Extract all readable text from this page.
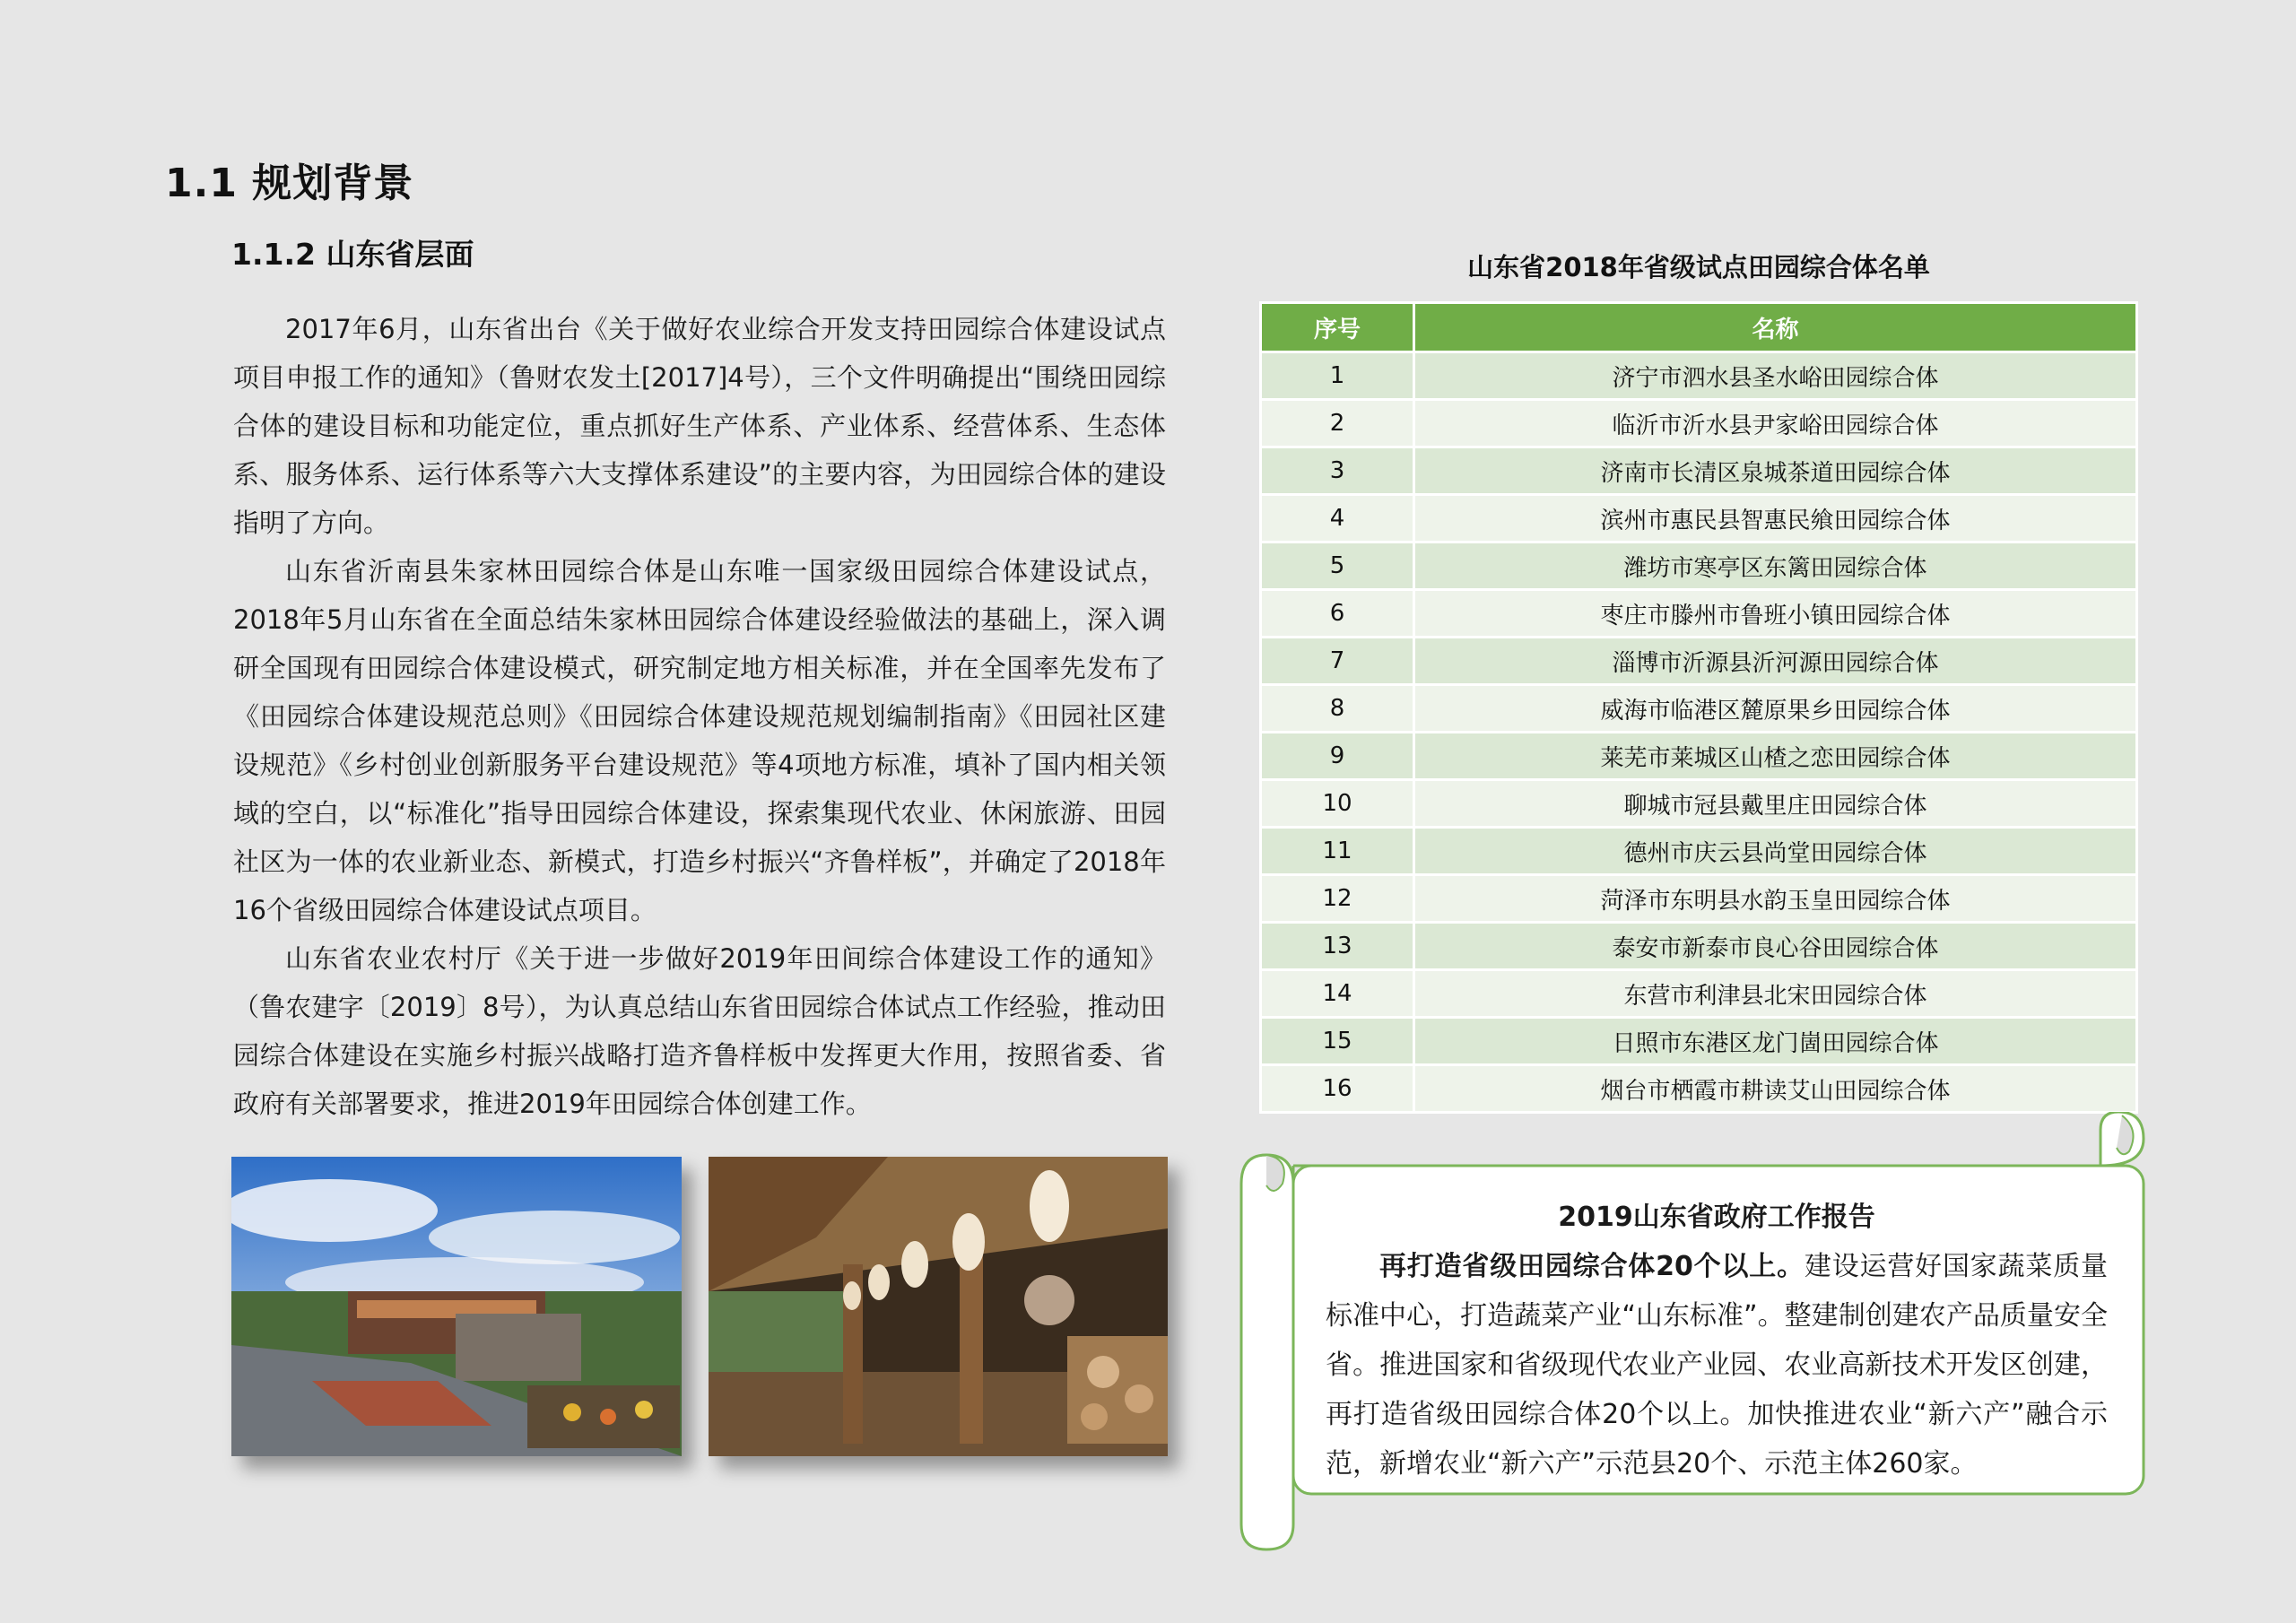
1.1 规划背景
1.1.2 山东省层面

2017年6月，山东省出台《关于做好农业综合开发支持田园综合体建设试点项目申报工作的通知》（鲁财农发土[2017]4号），三个文件明确提出“围绕田园综合体的建设目标和功能定位，重点抓好生产体系、产业体系、经营体系、生态体系、服务体系、运行体系等六大支撑体系建设”的主要内容，为田园综合体的建设指明了方向。

山东省沂南县朱家林田园综合体是山东唯一国家级田园综合体建设试点，2018年5月山东省在全面总结朱家林田园综合体建设经验做法的基础上，深入调研全国现有田园综合体建设模式，研究制定地方相关标准，并在全国率先发布了《田园综合体建设规范总则》《田园综合体建设规范规划编制指南》《田园社区建设规范》《乡村创业创新服务平台建设规范》等4项地方标准，填补了国内相关领域的空白，以“标准化”指导田园综合体建设，探索集现代农业、休闲旅游、田园社区为一体的农业新业态、新模式，打造乡村振兴“齐鲁样板”，并确定了2018年16个省级田园综合体建设试点项目。

山东省农业农村厅《关于进一步做好2019年田间综合体建设工作的通知》（鲁农建字〔2019〕8号），为认真总结山东省田园综合体试点工作经验，推动田园综合体建设在实施乡村振兴战略打造齐鲁样板中发挥更大作用，按照省委、省政府有关部署要求，推进2019年田园综合体创建工作。

山东省2018年省级试点田园综合体名单
序号	名称
1	济宁市泗水县圣水峪田园综合体
2	临沂市沂水县尹家峪田园综合体
3	济南市长清区泉城茶道田园综合体
4	滨州市惠民县智惠民飨田园综合体
5	潍坊市寒亭区东篱田园综合体
6	枣庄市滕州市鲁班小镇田园综合体
7	淄博市沂源县沂河源田园综合体
8	威海市临港区麓原果乡田园综合体
9	莱芜市莱城区山楂之恋田园综合体
10	聊城市冠县戴里庄田园综合体
11	德州市庆云县尚堂田园综合体
12	菏泽市东明县水韵玉皇田园综合体
13	泰安市新泰市良心谷田园综合体
14	东营市利津县北宋田园综合体
15	日照市东港区龙门崮田园综合体
16	烟台市栖霞市耕读艾山田园综合体
2019山东省政府工作报告

再打造省级田园综合体20个以上。建设运营好国家蔬菜质量标准中心，打造蔬菜产业“山东标准”。整建制创建农产品质量安全省。推进国家和省级现代农业产业园、农业高新技术开发区创建，再打造省级田园综合体20个以上。加快推进农业“新六产”融合示范，新增农业“新六产”示范县20个、示范主体260家。
